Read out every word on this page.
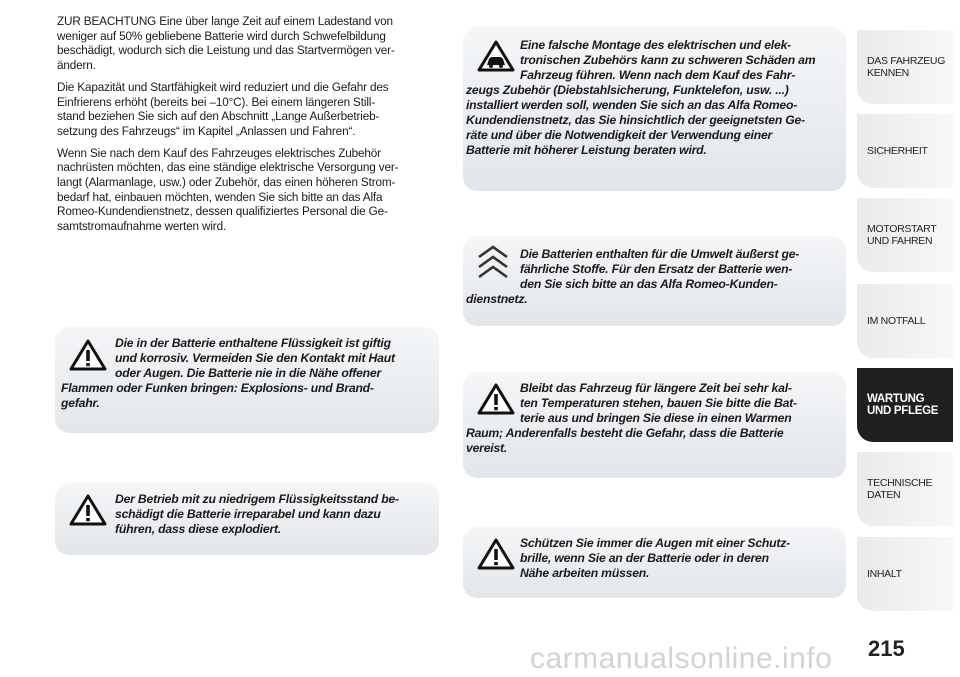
ZUR BEACHTUNG Eine über lange Zeit auf einem Ladestand von
weniger auf 50% gebliebene Batterie wird durch Schwefelbildung
beschädigt, wodurch sich die Leistung und das Startvermögen ver-
ändern.

Die Kapazität und Startfähigkeit wird reduziert und die Gefahr des
Einfrierens erhöht (bereits bei –10°C). Bei einem längeren Still-
stand beziehen Sie sich auf den Abschnitt „Lange Außerbetrieb-
setzung des Fahrzeugs“ im Kapitel „Anlassen und Fahren“.

Wenn Sie nach dem Kauf des Fahrzeuges elektrisches Zubehör
nachrüsten möchten, das eine ständige elektrische Versorgung ver-
langt (Alarmanlage, usw.) oder Zubehör, das einen höheren Strom-
bedarf hat, einbauen möchten, wenden Sie sich bitte an das Alfa
Romeo-Kundendienstnetz, dessen qualifiziertes Personal die Ge-
samtstromaufnahme werten wird.

Die in der Batterie enthaltene Flüssigkeit ist giftig
und korrosiv. Vermeiden Sie den Kontakt mit Haut
oder Augen. Die Batterie nie in die Nähe offener
Flammen oder Funken bringen: Explosions- und Brand-
gefahr.
Der Betrieb mit zu niedrigem Flüssigkeitsstand be-
schädigt die Batterie irreparabel und kann dazu
führen, dass diese explodiert.
Eine falsche Montage des elektrischen und elek-
tronischen Zubehörs kann zu schweren Schäden am
Fahrzeug führen. Wenn nach dem Kauf des Fahr-
zeugs Zubehör (Diebstahlsicherung, Funktelefon, usw. ...)
installiert werden soll, wenden Sie sich an das Alfa Romeo-
Kundendienstnetz, das Sie hinsichtlich der geeignetsten Ge-
räte und über die Notwendigkeit der Verwendung einer
Batterie mit höherer Leistung beraten wird.
Die Batterien enthalten für die Umwelt äußerst ge-
fährliche Stoffe. Für den Ersatz der Batterie wen-
den Sie sich bitte an das Alfa Romeo-Kunden-
dienstnetz.
Bleibt das Fahrzeug für längere Zeit bei sehr kal-
ten Temperaturen stehen, bauen Sie bitte die Bat-
terie aus und bringen Sie diese in einen Warmen
Raum; Anderenfalls besteht die Gefahr, dass die Batterie
vereist.
Schützen Sie immer die Augen mit einer Schutz-
brille, wenn Sie an der Batterie oder in deren
Nähe arbeiten müssen.
DAS FAHRZEUG
KENNEN
SICHERHEIT
MOTORSTART
UND FAHREN
IM NOTFALL
WARTUNG
UND PFLEGE
TECHNISCHE
DATEN
INHALT
215
carmanualsonline.info
